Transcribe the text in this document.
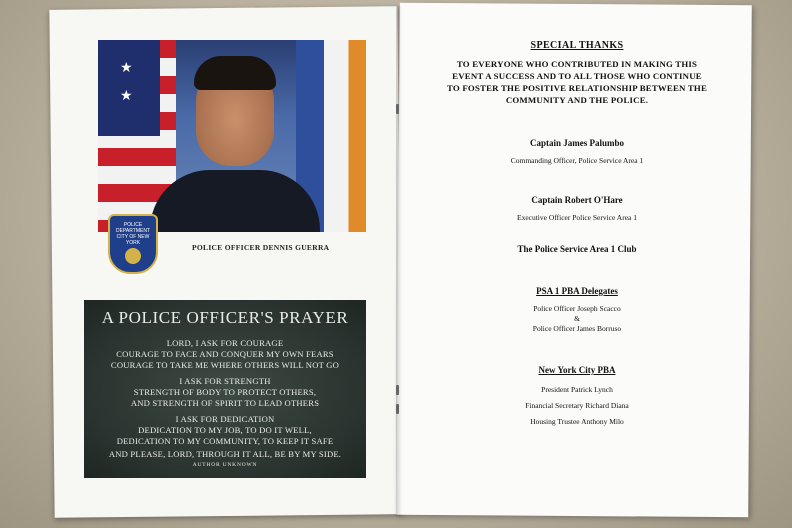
★
★
POLICE DEPARTMENT CITY OF NEW YORK	POLICE OFFICER DENNIS GUERRA
A POLICE OFFICER'S PRAYER
LORD, I ASK FOR COURAGE
COURAGE TO FACE AND CONQUER MY OWN FEARS
COURAGE TO TAKE ME WHERE OTHERS WILL NOT GO
I ASK FOR STRENGTH
STRENGTH OF BODY TO PROTECT OTHERS,
AND STRENGTH OF SPIRIT TO LEAD OTHERS
I ASK FOR DEDICATION
DEDICATION TO MY JOB, TO DO IT WELL,
DEDICATION TO MY COMMUNITY, TO KEEP IT SAFE
AND PLEASE, LORD, THROUGH IT ALL, BE BY MY SIDE.
AUTHOR UNKNOWN
SPECIAL THANKS
TO EVERYONE WHO CONTRIBUTED IN MAKING THIS
EVENT A SUCCESS AND TO ALL THOSE WHO CONTINUE
TO FOSTER THE POSITIVE RELATIONSHIP BETWEEN THE
COMMUNITY AND THE POLICE.
Captain James Palumbo
Commanding Officer, Police Service Area 1
Captain Robert O'Hare
Executive Officer Police Service Area 1
The Police Service Area 1 Club
PSA 1 PBA Delegates
Police Officer Joseph Scacco
&
Police Officer James Borruso
New York City PBA
President Patrick Lynch
Financial Secretary Richard Diana
Housing Trustee Anthony Milo
